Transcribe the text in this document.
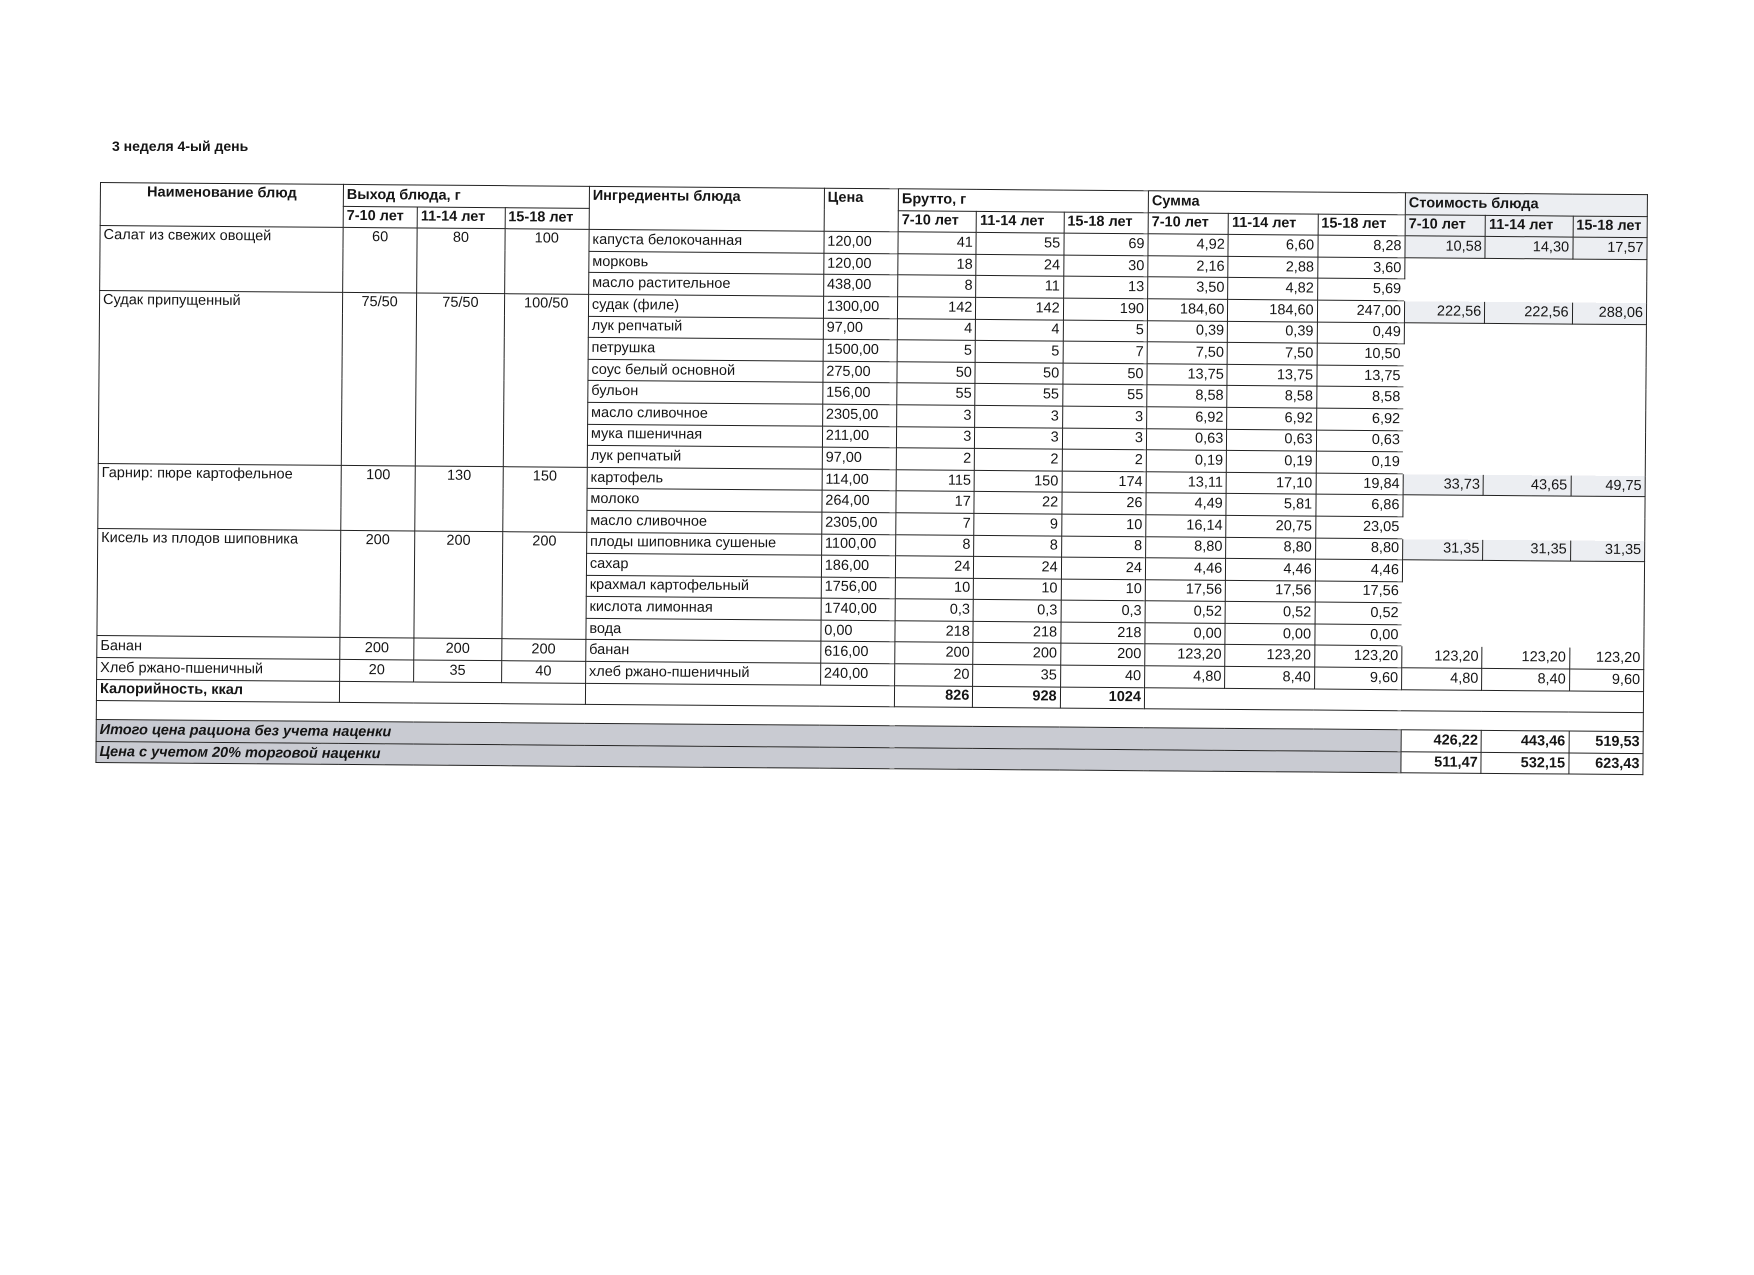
3 неделя 4-ый день
Наименование блюд	Выход блюда, г			Ингредиенты блюда	Цена	Брутто, г			Сумма			Стоимость блюда		
	7-10 лет	11-14 лет	15-18 лет			7-10 лет	11-14 лет	15-18 лет	7-10 лет	11-14 лет	15-18 лет	7-10 лет	11-14 лет	15-18 лет
Салат из свежих овощей	60	80	100	капуста белокочанная	120,00	41	55	69	4,92	6,60	8,28	10,58	14,30	17,57
				морковь	120,00	18	24	30	2,16	2,88	3,60			
				масло растительное	438,00	8	11	13	3,50	4,82	5,69			
Судак припущенный	75/50	75/50	100/50	судак (филе)	1300,00	142	142	190	184,60	184,60	247,00	222,56	222,56	288,06
				лук репчатый	97,00	4	4	5	0,39	0,39	0,49			
				петрушка	1500,00	5	5	7	7,50	7,50	10,50			
				соус белый основной	275,00	50	50	50	13,75	13,75	13,75			
				бульон	156,00	55	55	55	8,58	8,58	8,58			
				масло сливочное	2305,00	3	3	3	6,92	6,92	6,92			
				мука пшеничная	211,00	3	3	3	0,63	0,63	0,63			
				лук репчатый	97,00	2	2	2	0,19	0,19	0,19			
Гарнир: пюре картофельное	100	130	150	картофель	114,00	115	150	174	13,11	17,10	19,84	33,73	43,65	49,75
				молоко	264,00	17	22	26	4,49	5,81	6,86			
				масло сливочное	2305,00	7	9	10	16,14	20,75	23,05			
Кисель из плодов шиповника	200	200	200	плоды шиповника сушеные	1100,00	8	8	8	8,80	8,80	8,80	31,35	31,35	31,35
				сахар	186,00	24	24	24	4,46	4,46	4,46			
				крахмал картофельный	1756,00	10	10	10	17,56	17,56	17,56			
				кислота лимонная	1740,00	0,3	0,3	0,3	0,52	0,52	0,52			
				вода	0,00	218	218	218	0,00	0,00	0,00			
Банан	200	200	200	банан	616,00	200	200	200	123,20	123,20	123,20	123,20	123,20	123,20
Хлеб ржано-пшеничный	20	35	40	хлеб ржано-пшеничный	240,00	20	35	40	4,80	8,40	9,60	4,80	8,40	9,60
Калорийность, ккал						826	928	1024						

Итого цена рациона без учета наценки												426,22	443,46	519,53
Цена с учетом 20% торговой наценки												511,47	532,15	623,43
